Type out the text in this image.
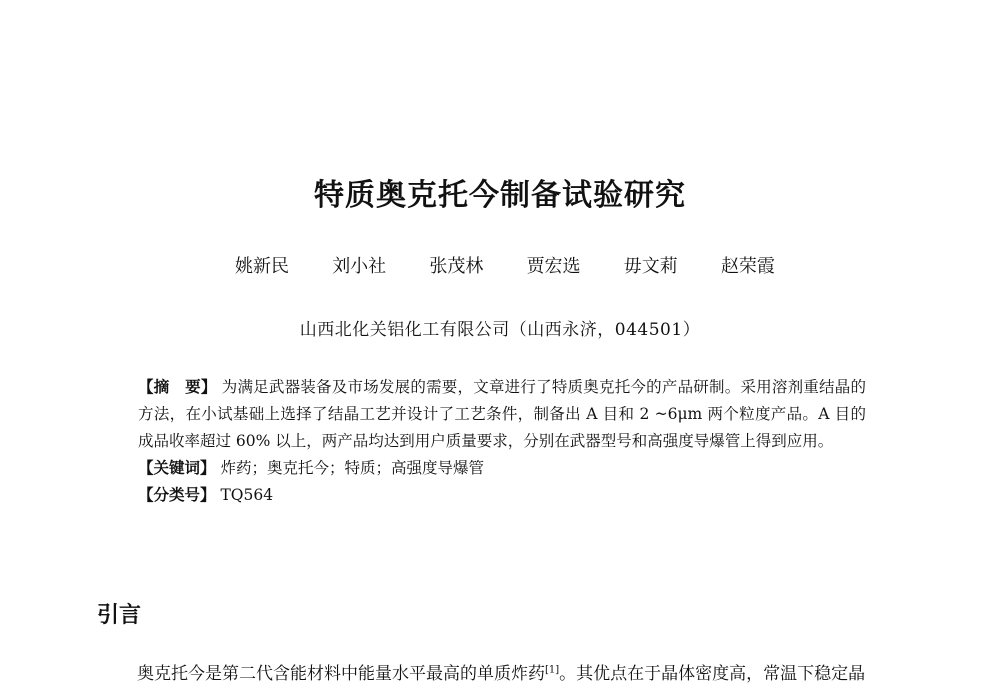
特质奥克托今制备试验研究
姚新民 刘小社 张茂林 贾宏选 毋文莉 赵荣霞
山西北化关铝化工有限公司（山西永济，044501）

【摘　要】 为满足武器装备及市场发展的需要，文章进行了特质奥克托今的产品研制。采用溶剂重结晶的方法，在小试基础上选择了结晶工艺并设计了工艺条件，制备出 A 目和 2 ~6μm 两个粒度产品。A 目的成品收率超过 60% 以上，两产品均达到用户质量要求，分别在武器型号和高强度导爆管上得到应用。

【关键词】 炸药；奥克托今；特质；高强度导爆管

【分类号】 TQ564

引言
奥克托今是第二代含能材料中能量水平最高的单质炸药[1]。其优点在于晶体密度高，常温下稳定晶
